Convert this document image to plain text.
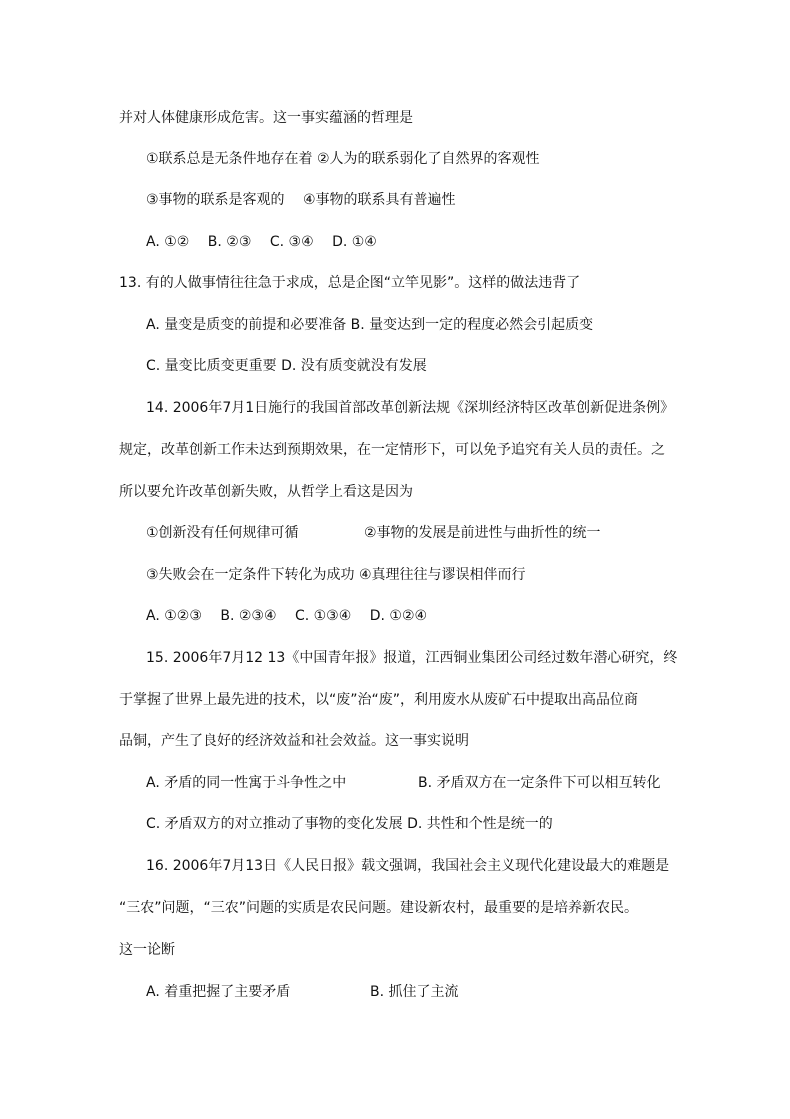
并对人体健康形成危害。这一事实蕴涵的哲理是
①联系总是无条件地存在着 ②人为的联系弱化了自然界的客观性
③事物的联系是客观的　 ④事物的联系具有普遍性
A. ①②　 B. ②③　 C. ③④　 D. ①④
13. 有的人做事情往往急于求成，总是企图“立竿见影”。这样的做法违背了
A. 量变是质变的前提和必要准备 B. 量变达到一定的程度必然会引起质变
C. 量变比质变更重要 D. 没有质变就没有发展
14. 2006年7月1日施行的我国首部改革创新法规《深圳经济特区改革创新促进条例》
规定，改革创新工作未达到预期效果，在一定情形下，可以免予追究有关人员的责任。之
所以要允许改革创新失败，从哲学上看这是因为
①创新没有任何规律可循	②事物的发展是前进性与曲折性的统一
③失败会在一定条件下转化为成功 ④真理往往与谬误相伴而行
A. ①②③　 B. ②③④　 C. ①③④　 D. ①②④
15. 2006年7月12 13《中国青年报》报道，江西铜业集团公司经过数年潜心研究，终
于掌握了世界上最先进的技术，以“废”治“废”，利用废水从废矿石中提取出高品位商
品铜，产生了良好的经济效益和社会效益。这一事实说明
A. 矛盾的同一性寓于斗争性之中	B. 矛盾双方在一定条件下可以相互转化
C. 矛盾双方的对立推动了事物的变化发展 D. 共性和个性是统一的
16. 2006年7月13日《人民日报》载文强调，我国社会主义现代化建设最大的难题是
“三农”问题，“三农”问题的实质是农民问题。建设新农村，最重要的是培养新农民。
这一论断
A. 着重把握了主要矛盾	B. 抓住了主流
